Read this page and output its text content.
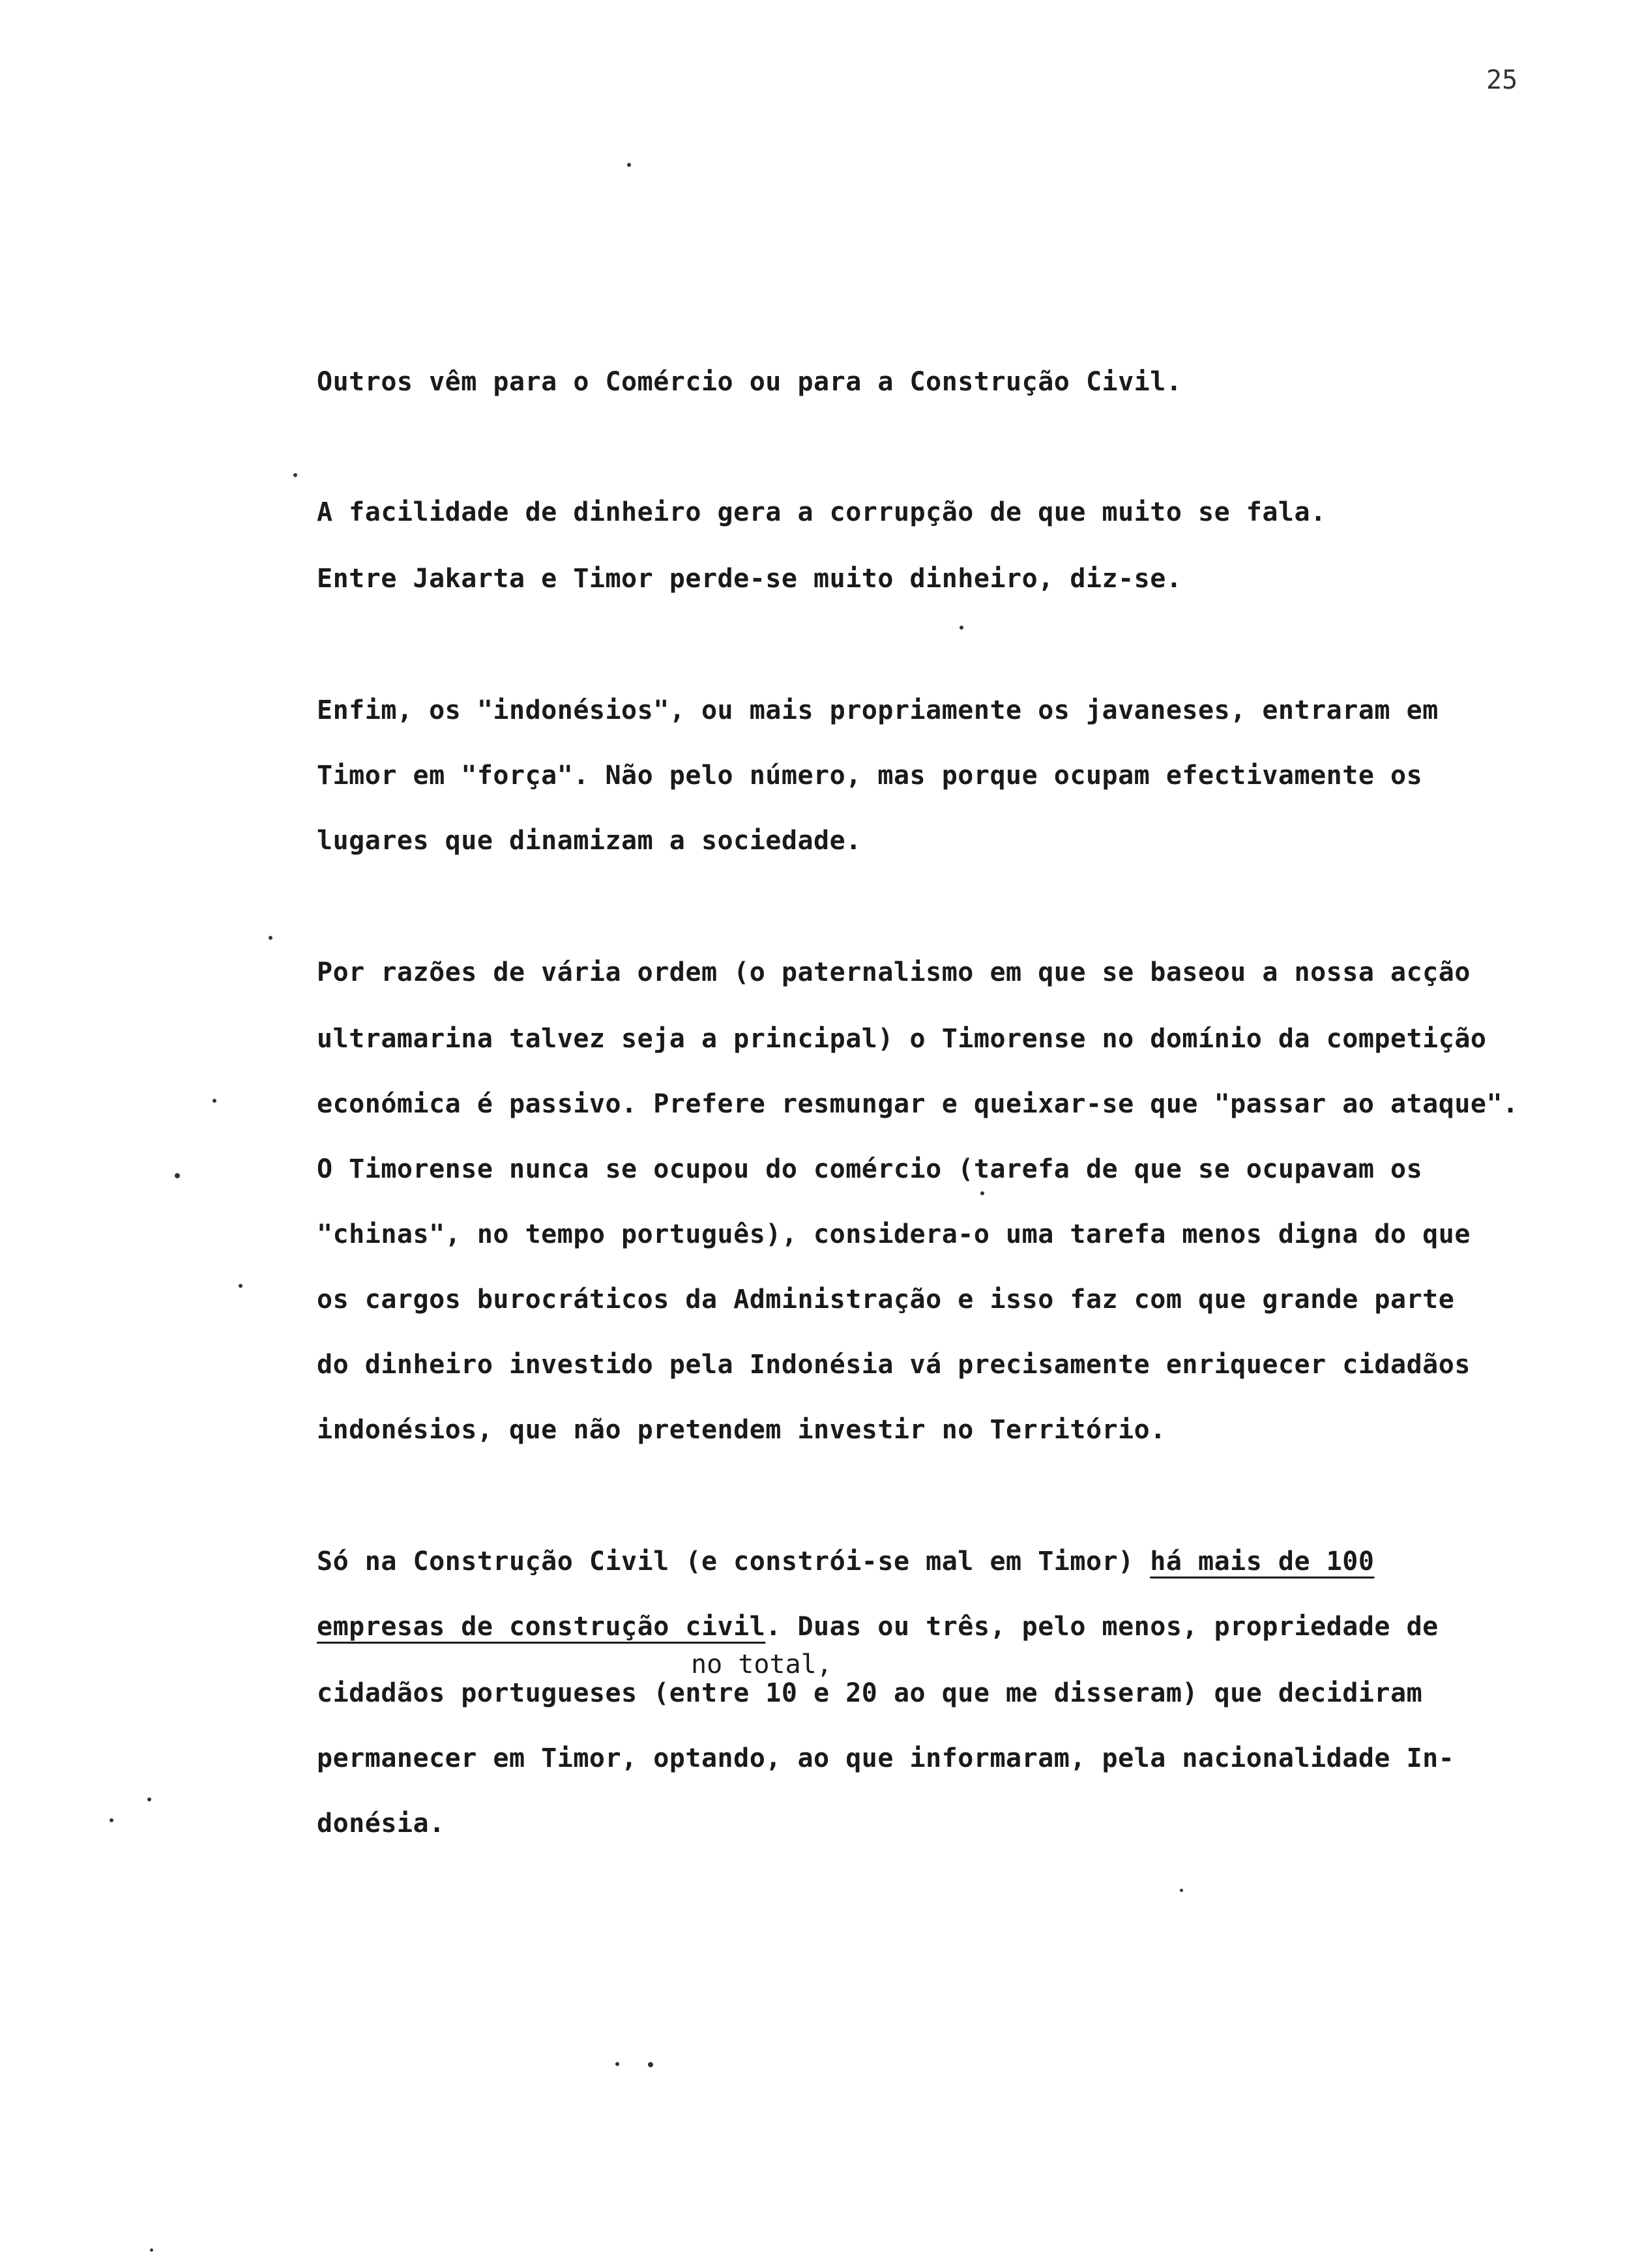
25
Outros vêm para o Comércio ou para a Construção Civil.
A facilidade de dinheiro gera a corrupção de que muito se fala.
Entre Jakarta e Timor perde-se muito dinheiro, diz-se.
Enfim, os "indonésios", ou mais propriamente os javaneses, entraram em
Timor em "força". Não pelo número, mas porque ocupam efectivamente os
lugares que dinamizam a sociedade.
Por razões de vária ordem (o paternalismo em que se baseou a nossa acção
ultramarina talvez seja a principal) o Timorense no domínio da competição
económica é passivo. Prefere resmungar e queixar-se que "passar ao ataque".
O Timorense nunca se ocupou do comércio (tarefa de que se ocupavam os
"chinas", no tempo português), considera-o uma tarefa menos digna do que
os cargos burocráticos da Administração e isso faz com que grande parte
do dinheiro investido pela Indonésia vá precisamente enriquecer cidadãos
indonésios, que não pretendem investir no Território.
Só na Construção Civil (e constrói-se mal em Timor) há mais de 100
empresas de construção civil. Duas ou três, pelo menos, propriedade de
no total,
cidadãos portugueses (entre 10 e 20 ao que me disseram) que decidiram
permanecer em Timor, optando, ao que informaram, pela nacionalidade In-
donésia.
